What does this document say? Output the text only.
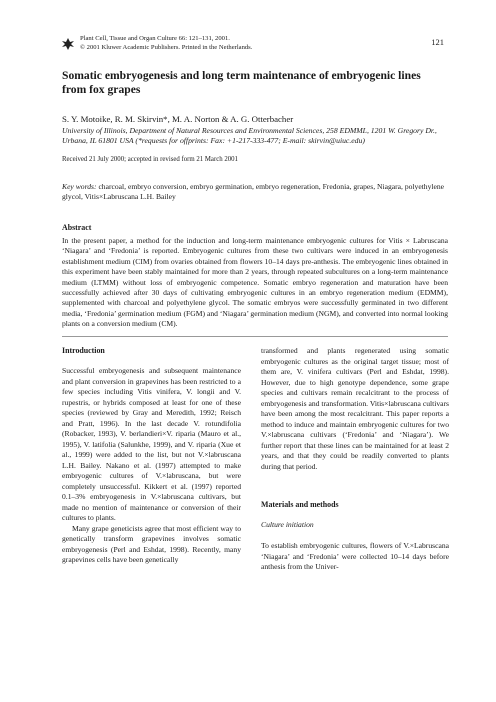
Plant Cell, Tissue and Organ Culture 66: 121–131, 2001.
© 2001 Kluwer Academic Publishers. Printed in the Netherlands.
121
Somatic embryogenesis and long term maintenance of embryogenic lines from fox grapes
S. Y. Motoike, R. M. Skirvin*, M. A. Norton & A. G. Otterbacher
University of Illinois, Department of Natural Resources and Environmental Sciences, 258 EDMML, 1201 W. Gregory Dr., Urbana, IL 61801 USA (*requests for offprints: Fax: +1-217-333-477; E-mail: skirvin@uiuc.edu)
Received 21 July 2000; accepted in revised form 21 March 2001
Key words: charcoal, embryo conversion, embryo germination, embryo regeneration, Fredonia, grapes, Niagara, polyethylene glycol, Vitis×Labruscana L.H. Bailey
Abstract
In the present paper, a method for the induction and long-term maintenance embryogenic cultures for Vitis × Labruscana ‘Niagara’ and ‘Fredonia’ is reported. Embryogenic cultures from these two cultivars were induced in an embryogenesis establishment medium (CIM) from ovaries obtained from flowers 10–14 days pre-anthesis. The embryogenic lines obtained in this experiment have been stably maintained for more than 2 years, through repeated subcultures on a long-term maintenance medium (LTMM) without loss of embryogenic competence. Somatic embryo regeneration and maturation have been successfully achieved after 30 days of cultivating embryogenic cultures in an embryo regeneration medium (EDMM), supplemented with charcoal and polyethylene glycol. The somatic embryos were successfully germinated in two different media, ‘Fredonia’ germination medium (FGM) and ‘Niagara’ germination medium (NGM), and converted into normal looking plants on a conversion medium (CM).
Introduction

Successful embryogenesis and subsequent maintenance and plant conversion in grapevines has been restricted to a few species including Vitis vinifera, V. longii and V. rupestris, or hybrids composed at least for one of these species (reviewed by Gray and Meredith, 1992; Reisch and Pratt, 1996). In the last decade V. rotundifolia (Robacker, 1993), V. berlandieri×V. riparia (Mauro et al., 1995), V. latifolia (Salunkhe, 1999), and V. riparia (Xue et al., 1999) were added to the list, but not V.×labruscana L.H. Bailey. Nakano et al. (1997) attempted to make embryogenic cultures of V.×labruscana, but were completely unsuccessful. Kikkert et al. (1997) reported 0.1–3% embryogenesis in V.×labruscana cultivars, but made no mention of maintenance or conversion of their cultures to plants.

Many grape geneticists agree that most efficient way to genetically transform grapevines involves somatic embryogenesis (Perl and Eshdat, 1998). Recently, many grapevines cells have been genetically

transformed and plants regenerated using somatic embryogenic cultures as the original target tissue; most of them are, V. vinifera cultivars (Perl and Eshdat, 1998). However, due to high genotype dependence, some grape species and cultivars remain recalcitrant to the process of embryogenesis and transformation. Vitis×labruscana cultivars have been among the most recalcitrant. This paper reports a method to induce and maintain embryogenic cultures for two V.×labruscana cultivars (‘Fredonia’ and ‘Niagara’). We further report that these lines can be maintained for at least 2 years, and that they could be readily converted to plants during that period.

Materials and methods
Culture initiation

To establish embryogenic cultures, flowers of V.×Labruscana ‘Niagara’ and ‘Fredonia’ were collected 10–14 days before anthesis from the Univer-
